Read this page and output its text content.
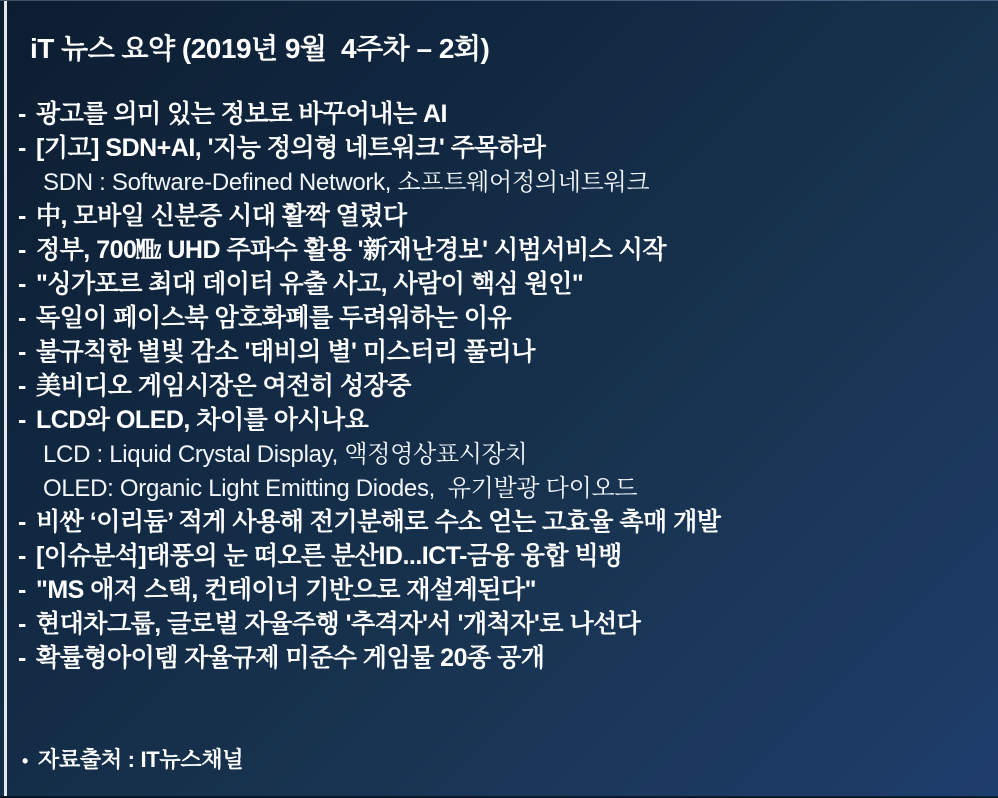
iT 뉴스 요약 (2019년 9월  4주차 – 2회)
- 광고를 의미 있는 정보로 바꾸어내는 AI
- [기고] SDN+AI, '지능 정의형 네트워크' 주목하라
SDN : Software-Defined Network, 소프트웨어정의네트워크
- 中, 모바일 신분증 시대 활짝 열렸다
- 정부, 700㎒ UHD 주파수 활용 '新재난경보' 시범서비스 시작
- "싱가포르 최대 데이터 유출 사고, 사람이 핵심 원인"
- 독일이 페이스북 암호화폐를 두려워하는 이유
- 불규칙한 별빛 감소 '태비의 별' 미스터리 풀리나
- 美비디오 게임시장은 여전히 성장중
- LCD와 OLED, 차이를 아시나요
LCD : Liquid Crystal Display, 액정영상표시장치
OLED: Organic Light Emitting Diodes,  유기발광 다이오드
- 비싼 ‘이리듐’ 적게 사용해 전기분해로 수소 얻는 고효율 촉매 개발
- [이슈분석]태풍의 눈 떠오른 분산ID...ICT-금융 융합 빅뱅
- "MS 애저 스택, 컨테이너 기반으로 재설계된다"
- 현대차그룹, 글로벌 자율주행 '추격자'서 '개척자'로 나선다
- 확률형아이템 자율규제 미준수 게임물 20종 공개
• 자료출처 : IT뉴스채널
